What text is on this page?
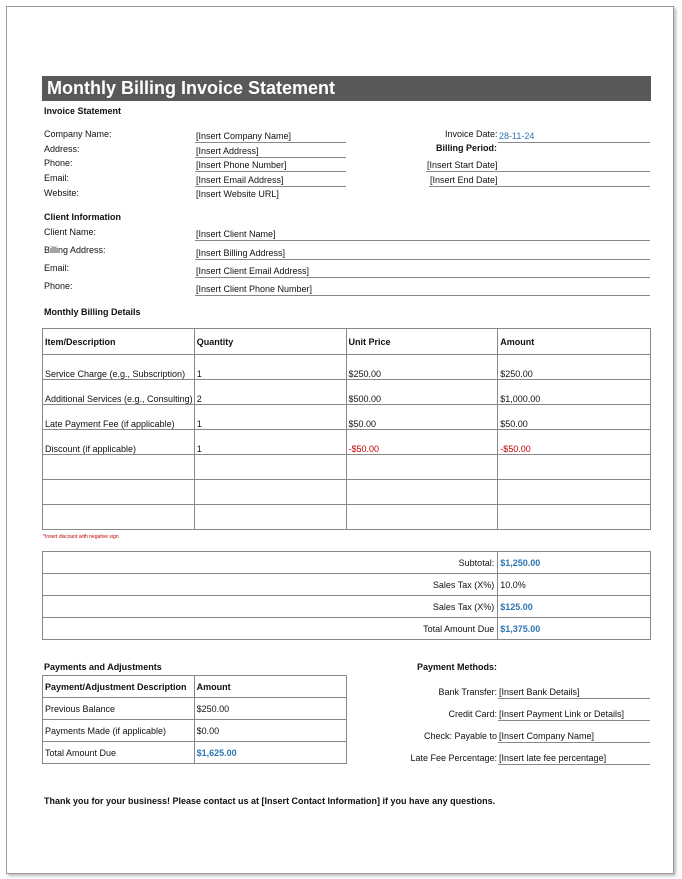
Monthly Billing Invoice Statement
Invoice Statement
Company Name:	[Insert Company Name]
Address:	[Insert Address]
Phone:	[Insert Phone Number]
Email:	[Insert Email Address]
Website:	[Insert Website URL]
Invoice Date: 28-11-24
Billing Period:
[Insert Start Date]
[Insert End Date]
Client Information
Client Name:	[Insert Client Name]
Billing Address:	[Insert Billing Address]
Email:	[Insert Client Email Address]
Phone:	[Insert Client Phone Number]
Monthly Billing Details
Item/Description	Quantity	Unit Price	Amount
Service Charge (e.g., Subscription)	1	$250.00	$250.00
Additional Services (e.g., Consulting)	2	$500.00	$1,000.00
Late Payment Fee (if applicable)	1	$50.00	$50.00
Discount (if applicable)	1	-$50.00	-$50.00

*Insert discount with negative sign
Subtotal:	$1,250.00
Sales Tax (X%)	10.0%
Sales Tax (X%)	$125.00
Total Amount Due	$1,375.00
Payments and Adjustments
Payment/Adjustment Description	Amount
Previous Balance	$250.00
Payments Made (if applicable)	$0.00
Total Amount Due	$1,625.00
Payment Methods:
Bank Transfer: [Insert Bank Details]
Credit Card: [Insert Payment Link or Details]
Check: Payable to [Insert Company Name]
Late Fee Percentage: [Insert late fee percentage]
Thank you for your business! Please contact us at [Insert Contact Information] if you have any questions.
